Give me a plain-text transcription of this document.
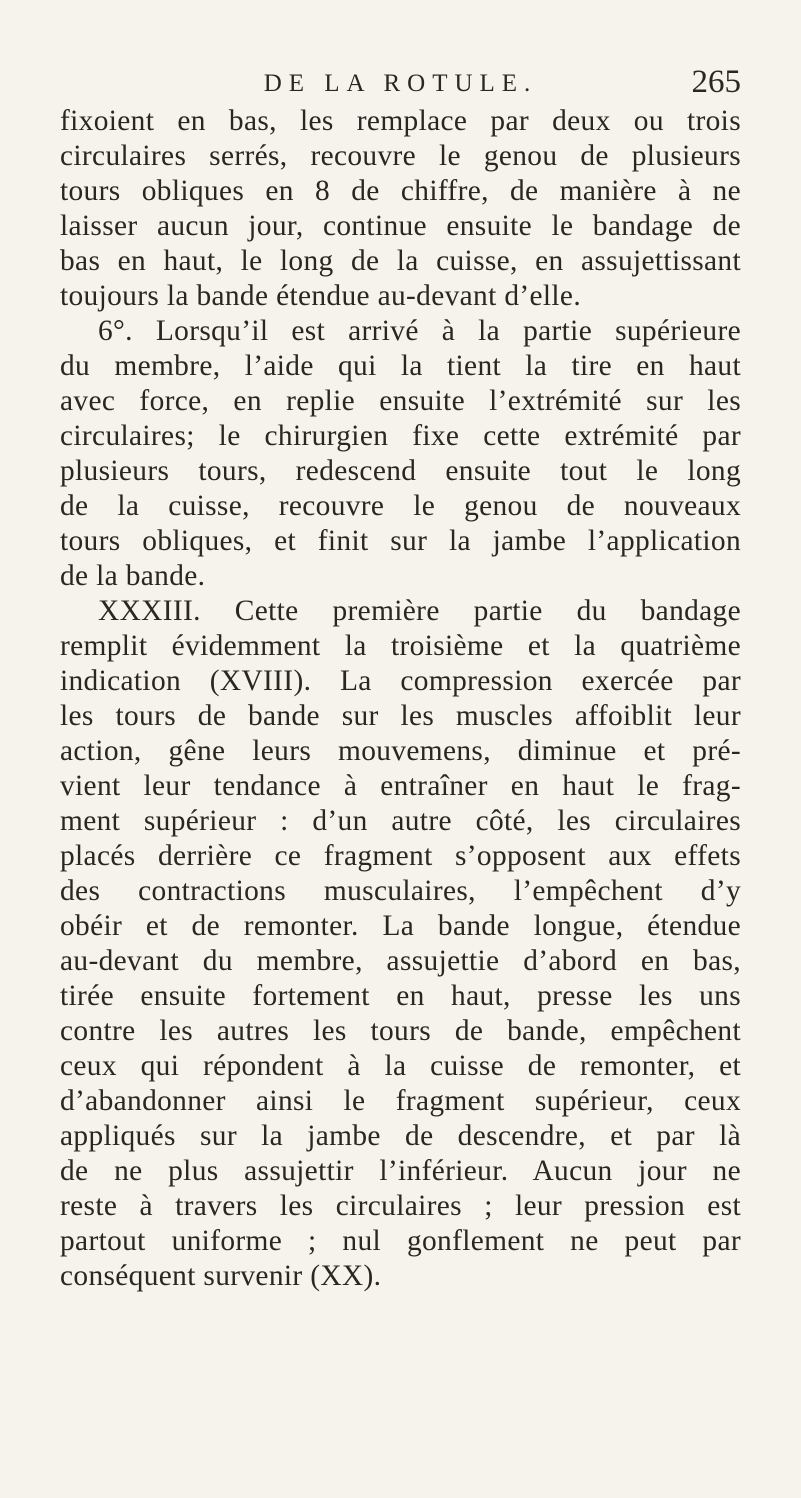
DE LA ROTULE.	265
fixoient en bas, les remplace par deux ou trois
circulaires serrés, recouvre le genou de plusieurs
tours obliques en 8 de chiffre, de manière à ne
laisser aucun jour, continue ensuite le bandage de
bas en haut, le long de la cuisse, en assujettissant
toujours la bande étendue au-devant d’elle.
6°. Lorsqu’il est arrivé à la partie supérieure
du membre, l’aide qui la tient la tire en haut
avec force, en replie ensuite l’extrémité sur les
circulaires; le chirurgien fixe cette extrémité par
plusieurs tours, redescend ensuite tout le long
de la cuisse, recouvre le genou de nouveaux
tours obliques, et finit sur la jambe l’application
de la bande.
XXXIII. Cette première partie du bandage
remplit évidemment la troisième et la quatrième
indication (XVIII). La compression exercée par
les tours de bande sur les muscles affoiblit leur
action, gêne leurs mouvemens, diminue et pré-
vient leur tendance à entraîner en haut le frag-
ment supérieur : d’un autre côté, les circulaires
placés derrière ce fragment s’opposent aux effets
des contractions musculaires, l’empêchent d’y
obéir et de remonter. La bande longue, étendue
au-devant du membre, assujettie d’abord en bas,
tirée ensuite fortement en haut, presse les uns
contre les autres les tours de bande, empêchent
ceux qui répondent à la cuisse de remonter, et
d’abandonner ainsi le fragment supérieur, ceux
appliqués sur la jambe de descendre, et par là
de ne plus assujettir l’inférieur. Aucun jour ne
reste à travers les circulaires ; leur pression est
partout uniforme ; nul gonflement ne peut par
conséquent survenir (XX).
